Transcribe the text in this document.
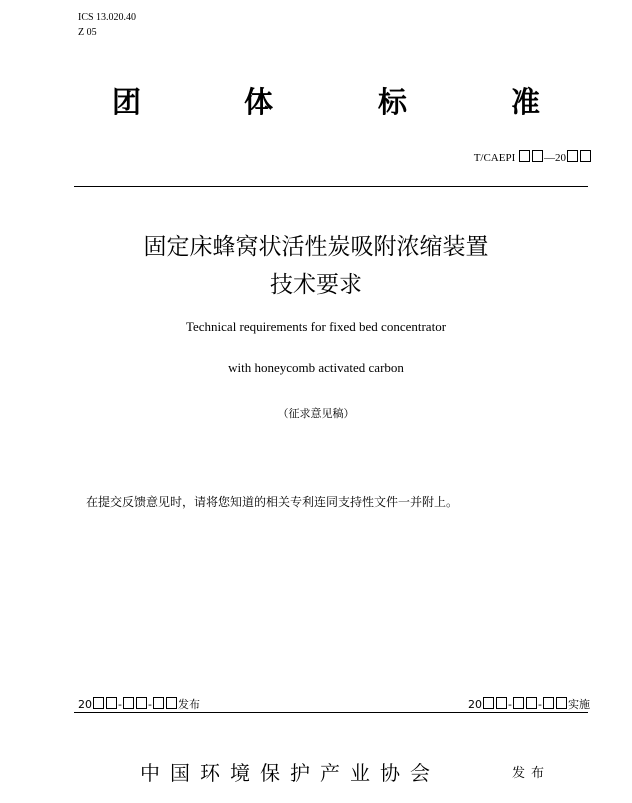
ICS 13.020.40
Z 05
团	体	标	准
T/CAEPI	—20
固定床蜂窝状活性炭吸附浓缩装置
技术要求
Technical requirements for fixed bed concentrator
with honeycomb activated carbon
（征求意见稿）
在提交反馈意见时，请将您知道的相关专利连同支持性文件一并附上。
20 - - 发布	20 - - 实施
中国环境保护产业协会	发布
